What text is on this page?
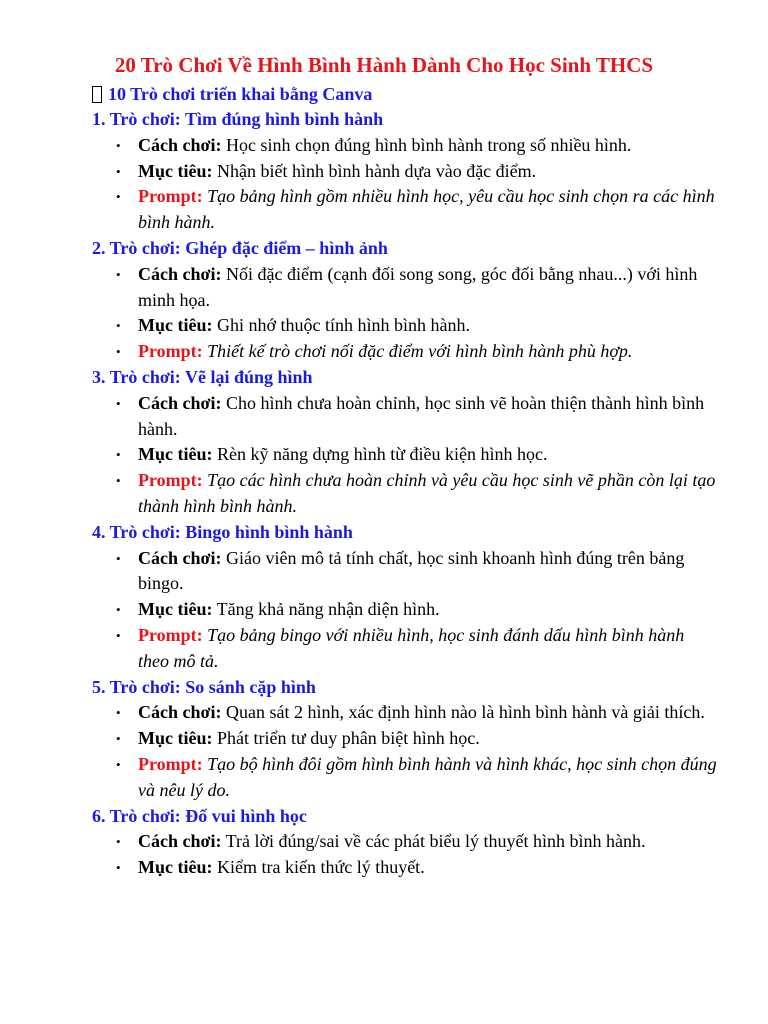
20 Trò Chơi Về Hình Bình Hành Dành Cho Học Sinh THCS
10 Trò chơi triển khai bằng Canva

1. Trò chơi: Tìm đúng hình bình hành

• Cách chơi: Học sinh chọn đúng hình bình hành trong số nhiều hình.
• Mục tiêu: Nhận biết hình bình hành dựa vào đặc điểm.
• Prompt: Tạo bảng hình gồm nhiều hình học, yêu cầu học sinh chọn ra các hình bình hành.

2. Trò chơi: Ghép đặc điểm – hình ảnh

• Cách chơi: Nối đặc điểm (cạnh đối song song, góc đối bằng nhau...) với hình minh họa.
• Mục tiêu: Ghi nhớ thuộc tính hình bình hành.
• Prompt: Thiết kế trò chơi nối đặc điểm với hình bình hành phù hợp.

3. Trò chơi: Vẽ lại đúng hình

• Cách chơi: Cho hình chưa hoàn chỉnh, học sinh vẽ hoàn thiện thành hình bình hành.
• Mục tiêu: Rèn kỹ năng dựng hình từ điều kiện hình học.
• Prompt: Tạo các hình chưa hoàn chỉnh và yêu cầu học sinh vẽ phần còn lại tạo thành hình bình hành.

4. Trò chơi: Bingo hình bình hành

• Cách chơi: Giáo viên mô tả tính chất, học sinh khoanh hình đúng trên bảng bingo.
• Mục tiêu: Tăng khả năng nhận diện hình.
• Prompt: Tạo bảng bingo với nhiều hình, học sinh đánh dấu hình bình hành theo mô tả.

5. Trò chơi: So sánh cặp hình

• Cách chơi: Quan sát 2 hình, xác định hình nào là hình bình hành và giải thích.
• Mục tiêu: Phát triển tư duy phân biệt hình học.
• Prompt: Tạo bộ hình đôi gồm hình bình hành và hình khác, học sinh chọn đúng và nêu lý do.

6. Trò chơi: Đố vui hình học

• Cách chơi: Trả lời đúng/sai về các phát biểu lý thuyết hình bình hành.
• Mục tiêu: Kiểm tra kiến thức lý thuyết.
